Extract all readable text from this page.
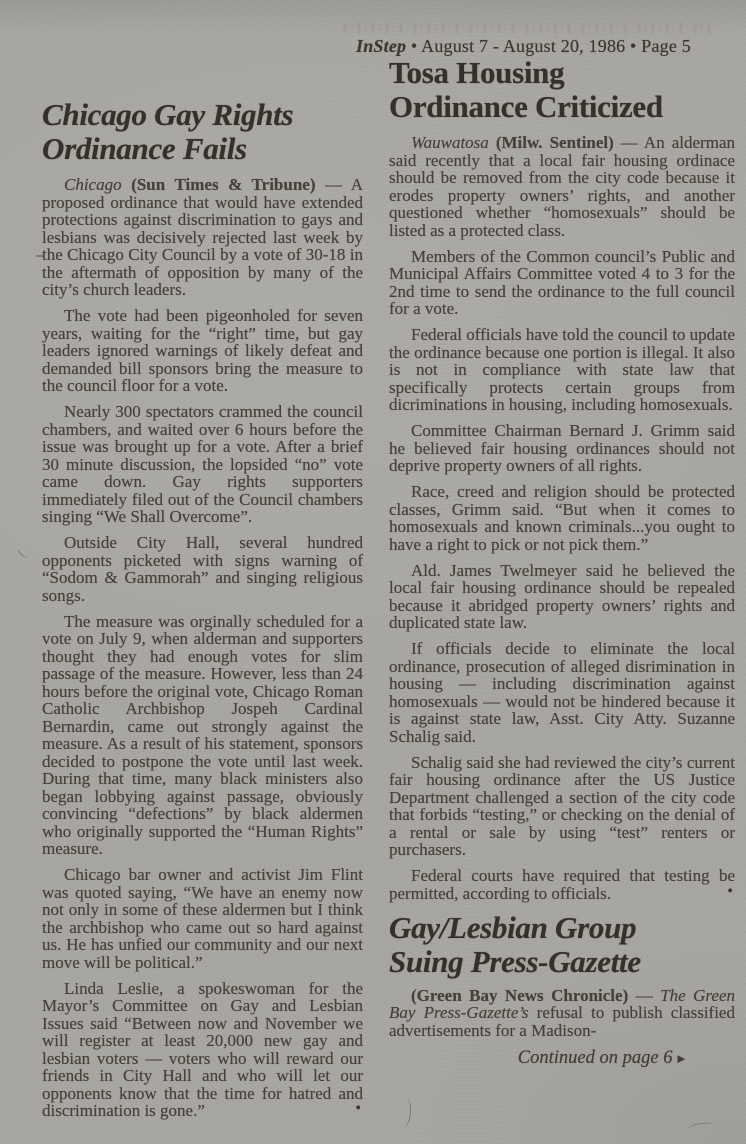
InStep • August 7 - August 20, 1986 • Page 5
Chicago Gay Rights
Ordinance Fails

Chicago (Sun Times & Tribune) — A proposed ordinance that would have extended protections against discrimination to gays and lesbians was decisively rejected last week by the Chicago City Council by a vote of 30-18 in the aftermath of opposition by many of the city’s church leaders.

The vote had been pigeonholed for seven years, waiting for the “right” time, but gay leaders ignored warnings of likely defeat and demanded bill sponsors bring the measure to the council floor for a vote.

Nearly 300 spectators crammed the council chambers, and waited over 6 hours before the issue was brought up for a vote. After a brief 30 minute discussion, the lopsided “no” vote came down. Gay rights supporters immediately filed out of the Council chambers singing “We Shall Overcome”.

Outside City Hall, several hundred opponents picketed with signs warning of “Sodom & Gammorah” and singing religious songs.

The measure was orginally scheduled for a vote on July 9, when alderman and supporters thought they had enough votes for slim passage of the measure. However, less than 24 hours before the original vote, Chicago Roman Catholic Archbishop Jospeh Cardinal Bernardin, came out strongly against the measure. As a result of his statement, sponsors decided to postpone the vote until last week. During that time, many black ministers also began lobbying against passage, obviously convincing “defections” by black aldermen who originally supported the “Human Rights” measure.

Chicago bar owner and activist Jim Flint was quoted saying, “We have an enemy now not only in some of these aldermen but I think the archbishop who came out so hard against us. He has unfied our community and our next move will be political.”

Linda Leslie, a spokeswoman for the Mayor’s Committee on Gay and Lesbian Issues said “Between now and November we will register at least 20,000 new gay and lesbian voters — voters who will reward our friends in City Hall and who will let our opponents know that the time for hatred and discrimination is gone.”	•

Tosa Housing
Ordinance Criticized

Wauwatosa (Milw. Sentinel) — An alderman said recently that a local fair housing ordinace should be removed from the city code because it erodes property owners’ rights, and another questioned whether “homosexuals” should be listed as a protected class.

Members of the Common council’s Public and Municipal Affairs Committee voted 4 to 3 for the 2nd time to send the ordinance to the full council for a vote.

Federal officials have told the council to update the ordinance because one portion is illegal. It also is not in compliance with state law that specifically protects certain groups from dicriminations in housing, including homosexuals.

Committee Chairman Bernard J. Grimm said he believed fair housing ordinances should not deprive property owners of all rights.

Race, creed and religion should be protected classes, Grimm said. “But when it comes to homosexuals and known criminals...you ought to have a right to pick or not pick them.”

Ald. James Twelmeyer said he believed the local fair housing ordinance should be repealed because it abridged property owners’ rights and duplicated state law.

If officials decide to eliminate the local ordinance, prosecution of alleged disrimination in housing — including discrimination against homosexuals — would not be hindered because it is against state law, Asst. City Atty. Suzanne Schalig said.

Schalig said she had reviewed the city’s current fair housing ordinance after the US Justice Department challenged a section of the city code that forbids “testing,” or checking on the denial of a rental or sale by using “test” renters or purchasers.

Federal courts have required that testing be permitted, according to officials.	•

Gay/Lesbian Group
Suing Press-Gazette

(Green Bay News Chronicle) — The Green Bay Press-Gazette’s refusal to publish classified advertisements for a Madison-

Continued on page 6 ▸
